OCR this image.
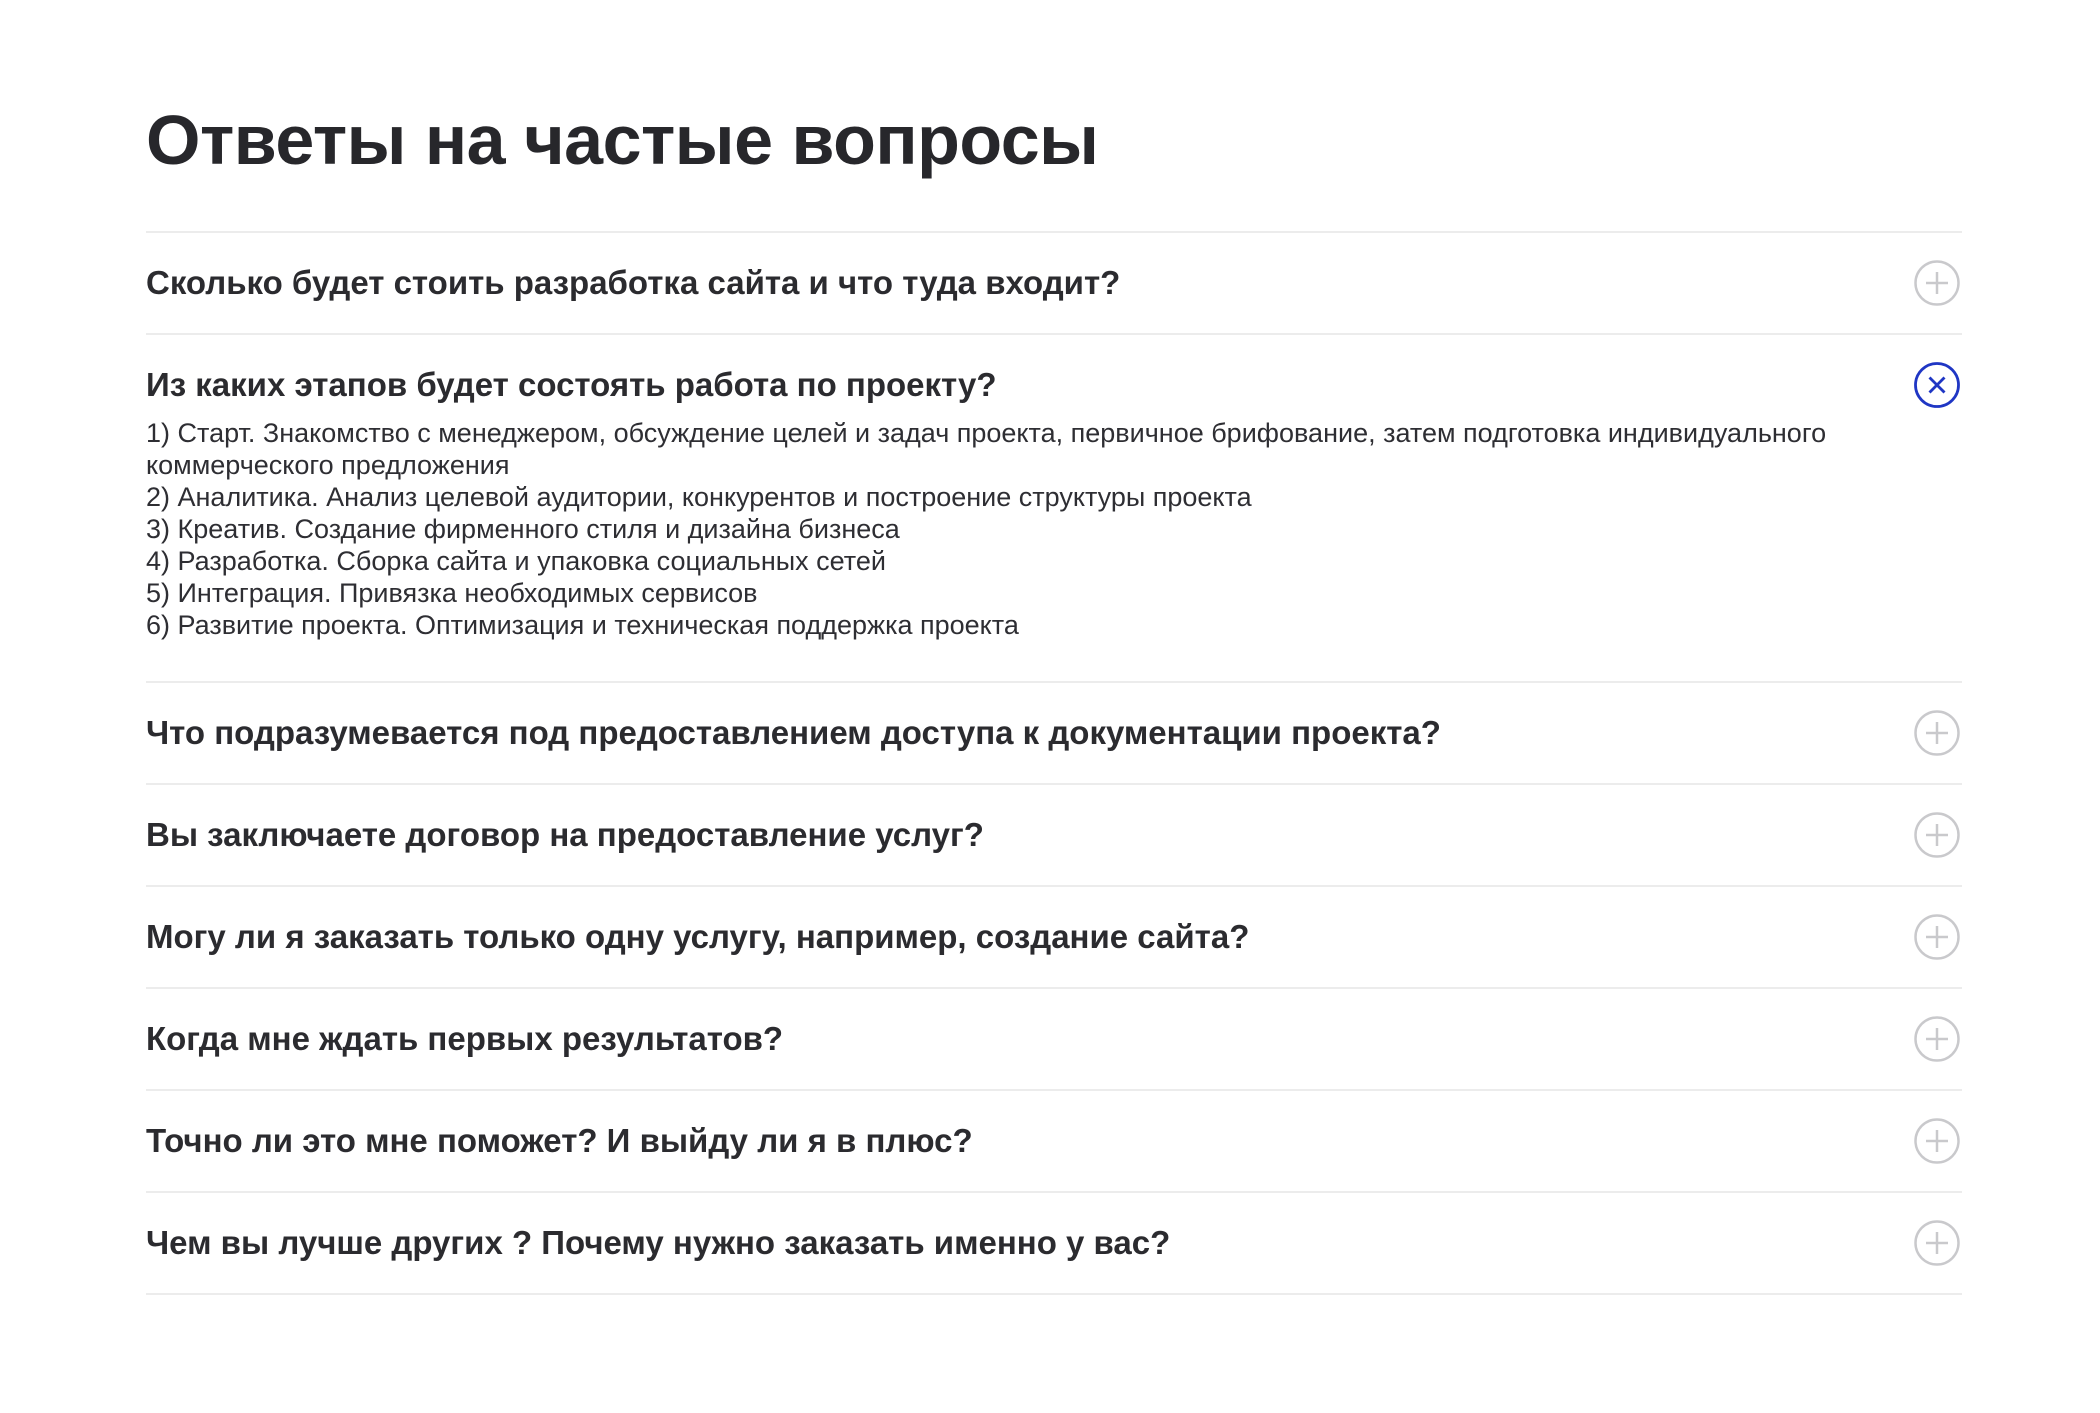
Ответы на частые вопросы
Сколько будет стоить разработка сайта и что туда входит?
Из каких этапов будет состоять работа по проекту?
1) Старт. Знакомство с менеджером, обсуждение целей и задач проекта, первичное брифование, затем подготовка индивидуального коммерческого предложения
2) Аналитика. Анализ целевой аудитории, конкурентов и построение структуры проекта
3) Креатив. Создание фирменного стиля и дизайна бизнеса
4) Разработка. Сборка сайта и упаковка социальных сетей
5) Интеграция. Привязка необходимых сервисов
6) Развитие проекта. Оптимизация и техническая поддержка проекта
Что подразумевается под предоставлением доступа к документации проекта?
Вы заключаете договор на предоставление услуг?
Могу ли я заказать только одну услугу, например, создание сайта?
Когда мне ждать первых результатов?
Точно ли это мне поможет? И выйду ли я в плюс?
Чем вы лучше других ? Почему нужно заказать именно у вас?
